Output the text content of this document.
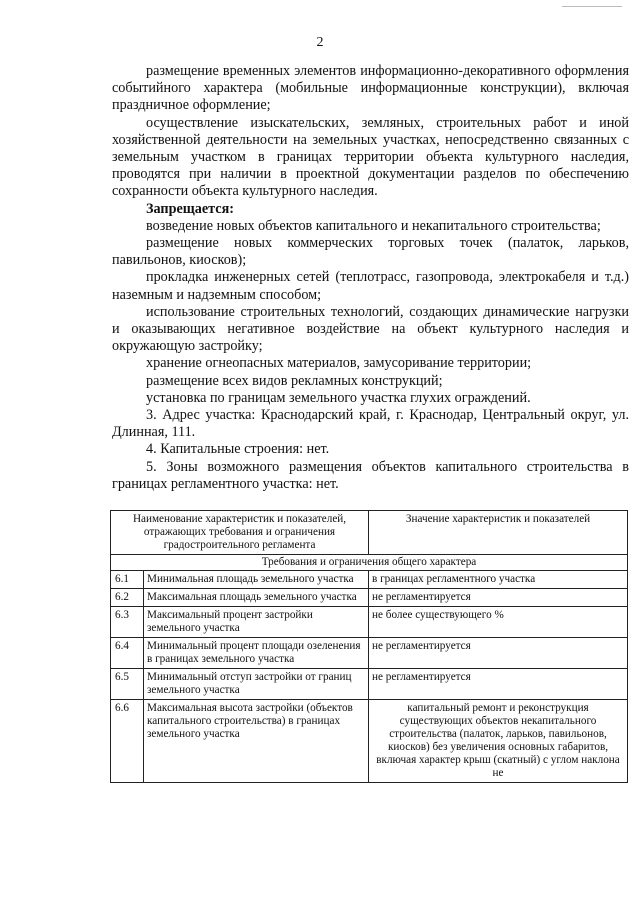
2

размещение временных элементов информационно-декоративного оформления событийного характера (мобильные информационные конструкции), включая праздничное оформление;

осуществление изыскательских, земляных, строительных работ и иной хозяйственной деятельности на земельных участках, непосредственно связанных с земельным участком в границах территории объекта культурного наследия, проводятся при наличии в проектной документации разделов по обеспечению сохранности объекта культурного наследия.

Запрещается:

возведение новых объектов капитального и некапитального строительства;

размещение новых коммерческих торговых точек (палаток, ларьков, павильонов, киосков);

прокладка инженерных сетей (теплотрасс, газопровода, электрокабеля и т.д.) наземным и надземным способом;

использование строительных технологий, создающих динамические нагрузки и оказывающих негативное воздействие на объект культурного наследия и окружающую застройку;

хранение огнеопасных материалов, замусоривание территории;

размещение всех видов рекламных конструкций;

установка по границам земельного участка глухих ограждений.

3. Адрес участка: Краснодарский край, г. Краснодар, Центральный округ, ул. Длинная, 111.

4. Капитальные строения: нет.

5. Зоны возможного размещения объектов капитального строительства в границах регламентного участка: нет.

Наименование характеристик и показателей, отражающих требования и ограничения градостроительного регламента		Значение характеристик и показателей
Требования и ограничения общего характера		
6.1	Минимальная площадь земельного участка	в границах регламентного участка
6.2	Максимальная площадь земельного участка	не регламентируется
6.3	Максимальный процент застройки земельного участка	не более существующего %
6.4	Минимальный процент площади озеленения в границах земельного участка	не регламентируется
6.5	Минимальный отступ застройки от границ земельного участка	не регламентируется
6.6	Максимальная высота застройки (объектов капитального строительства) в границах земельного участка	капитальный ремонт и реконструкция существующих объектов некапитального строительства (палаток, ларьков, павильонов, киосков) без увеличения основных габаритов, включая характер крыш (скатный) с углом наклона не
